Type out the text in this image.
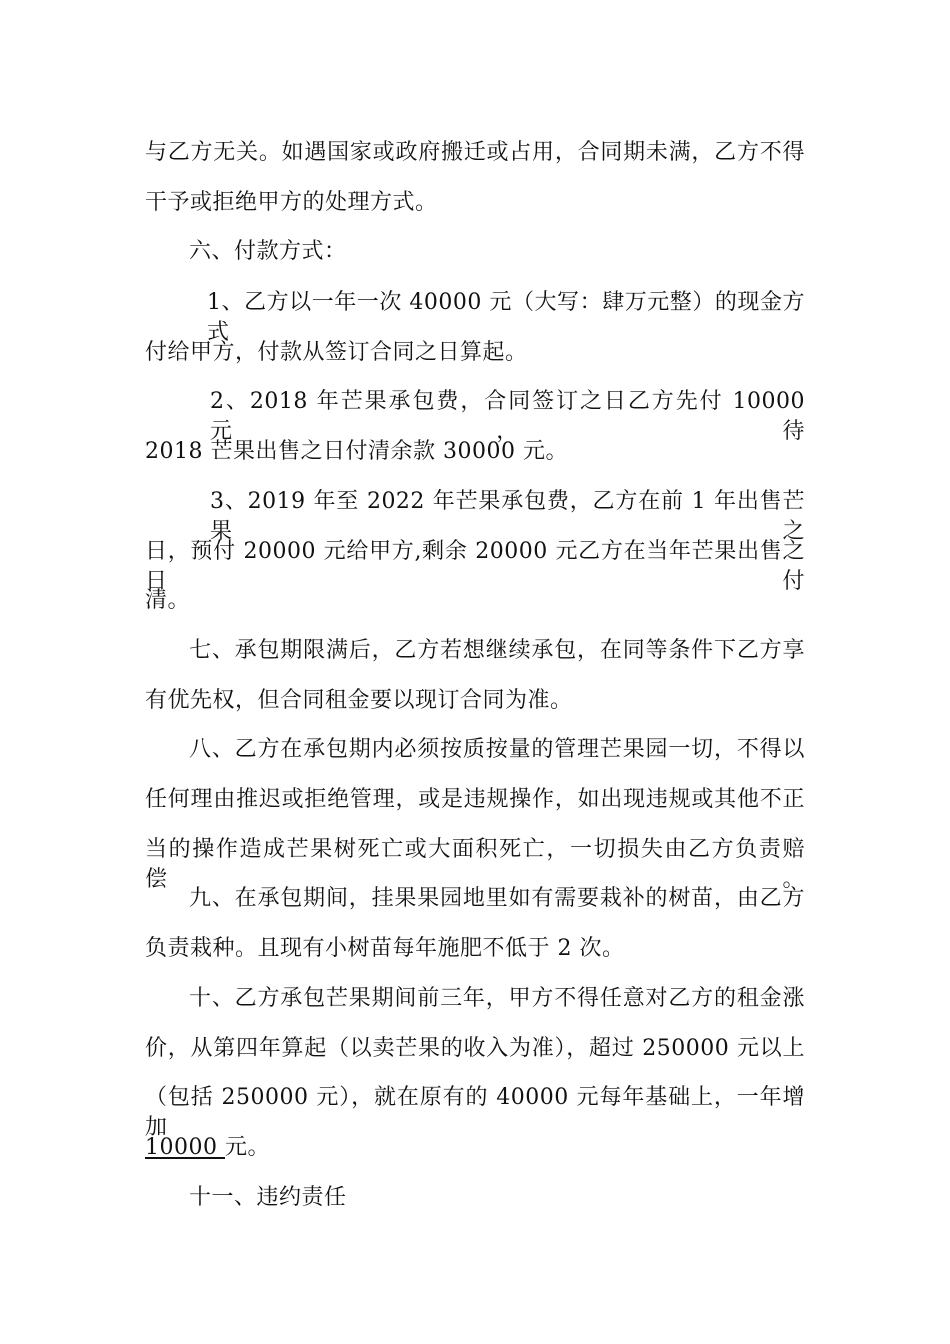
与乙方无关。如遇国家或政府搬迁或占用，合同期未满，乙方不得
干予或拒绝甲方的处理方式。
六、付款方式：
1、乙方以一年一次 40000 元（大写：肆万元整）的现金方式
付给甲方，付款从签订合同之日算起。
2、2018 年芒果承包费，合同签订之日乙方先付 10000 元，待
2018 芒果出售之日付清余款 30000 元。
3、2019 年至 2022 年芒果承包费，乙方在前 1 年出售芒果之
日，预付 20000 元给甲方,剩余 20000 元乙方在当年芒果出售之日付
清。
七、承包期限满后，乙方若想继续承包，在同等条件下乙方享
有优先权，但合同租金要以现订合同为准。
八、乙方在承包期内必须按质按量的管理芒果园一切，不得以
任何理由推迟或拒绝管理，或是违规操作，如出现违规或其他不正
当的操作造成芒果树死亡或大面积死亡，一切损失由乙方负责赔偿。
九、在承包期间，挂果果园地里如有需要栽补的树苗，由乙方
负责栽种。且现有小树苗每年施肥不低于 2 次。
十、乙方承包芒果期间前三年，甲方不得任意对乙方的租金涨
价，从第四年算起（以卖芒果的收入为准），超过 250000 元以上
（包括 250000 元），就在原有的 40000 元每年基础上，一年增加
10000 元。
十一、违约责任
